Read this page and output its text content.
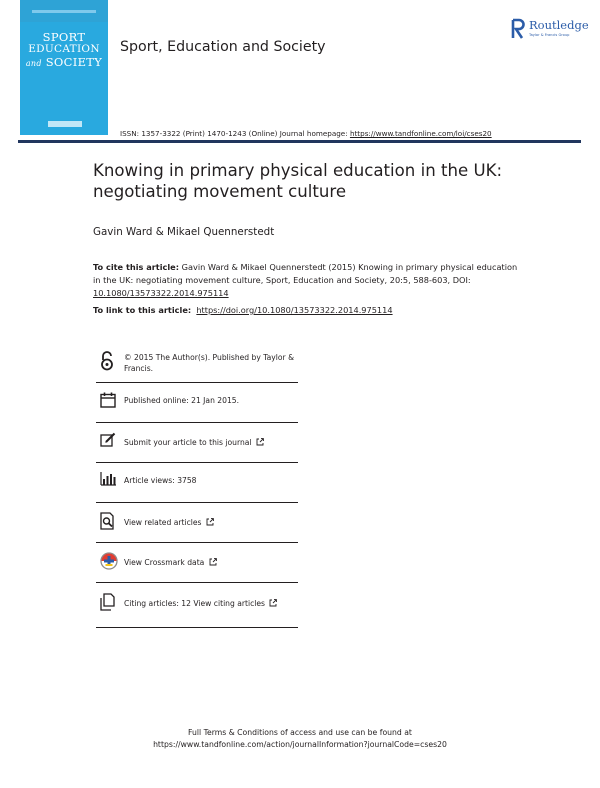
SPORT
EDUCATION
and SOCIETY
Routledge
Taylor & Francis Group
Sport, Education and Society
ISSN: 1357-3322 (Print) 1470-1243 (Online) Journal homepage: https://www.tandfonline.com/loi/cses20
Knowing in primary physical education in the UK: negotiating movement culture
Gavin Ward & Mikael Quennerstedt
To cite this article: Gavin Ward & Mikael Quennerstedt (2015) Knowing in primary physical education in the UK: negotiating movement culture, Sport, Education and Society, 20:5, 588-603, DOI: 10.1080/13573322.2014.975114
To link to this article: https://doi.org/10.1080/13573322.2014.975114
© 2015 The Author(s). Published by Taylor &
Francis.
Published online: 21 Jan 2015.
Submit your article to this journal
Article views: 3758
View related articles
View Crossmark data
Citing articles: 12 View citing articles
Full Terms & Conditions of access and use can be found at
https://www.tandfonline.com/action/journalInformation?journalCode=cses20
